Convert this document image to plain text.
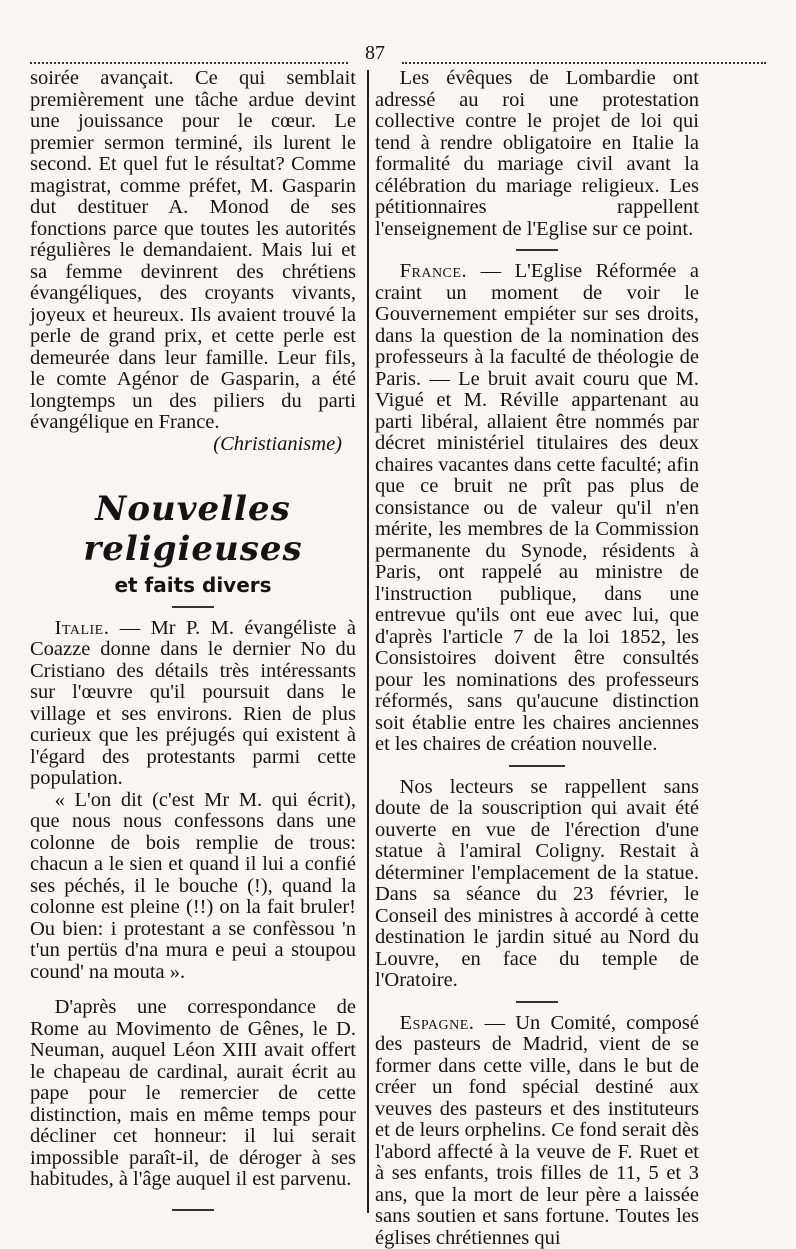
87

soirée avançait. Ce qui semblait premièrement une tâche ardue devint une jouissance pour le cœur. Le premier sermon terminé, ils lurent le second. Et quel fut le résultat? Comme magistrat, comme préfet, M. Gasparin dut destituer A. Monod de ses fonctions parce que toutes les autorités régulières le demandaient. Mais lui et sa femme devinrent des chrétiens évangéliques, des croyants vivants, joyeux et heureux. Ils avaient trouvé la perle de grand prix, et cette perle est demeurée dans leur famille. Leur fils, le comte Agénor de Gasparin, a été longtemps un des piliers du parti évangélique en France.

(Christianisme)

Nouvelles religieuses
et faits divers

Italie. — Mr P. M. évangéliste à Coazze donne dans le dernier No du Cristiano des détails très intéressants sur l'œuvre qu'il poursuit dans le village et ses environs. Rien de plus curieux que les préjugés qui existent à l'égard des protestants parmi cette population.

« L'on dit (c'est Mr M. qui écrit), que nous nous confessons dans une colonne de bois remplie de trous: chacun a le sien et quand il lui a confié ses péchés, il le bouche (!), quand la colonne est pleine (!!) on la fait bruler! Ou bien: i protestant a se confèssou 'n t'un pertüs d'na mura e peui a stoupou cound' na mouta ».

D'après une correspondance de Rome au Movimento de Gênes, le D. Neuman, auquel Léon XIII avait offert le chapeau de cardinal, aurait écrit au pape pour le remercier de cette distinction, mais en même temps pour décliner cet honneur: il lui serait impossible paraît-il, de déroger à ses habitudes, à l'âge auquel il est parvenu.

Les évêques de Lombardie ont adressé au roi une protestation collective contre le projet de loi qui tend à rendre obligatoire en Italie la formalité du mariage civil avant la célébration du mariage religieux. Les pétitionnaires rappellent l'enseignement de l'Eglise sur ce point.

France. — L'Eglise Réformée a craint un moment de voir le Gouvernement empiéter sur ses droits, dans la question de la nomination des professeurs à la faculté de théologie de Paris. — Le bruit avait couru que M. Vigué et M. Réville appartenant au parti libéral, allaient être nommés par décret ministériel titulaires des deux chaires vacantes dans cette faculté; afin que ce bruit ne prît pas plus de consistance ou de valeur qu'il n'en mérite, les membres de la Commission permanente du Synode, résidents à Paris, ont rappelé au ministre de l'instruction publique, dans une entrevue qu'ils ont eue avec lui, que d'après l'article 7 de la loi 1852, les Consistoires doivent être consultés pour les nominations des professeurs réformés, sans qu'aucune distinction soit établie entre les chaires anciennes et les chaires de création nouvelle.

Nos lecteurs se rappellent sans doute de la souscription qui avait été ouverte en vue de l'érection d'une statue à l'amiral Coligny. Restait à déterminer l'emplacement de la statue. Dans sa séance du 23 février, le Conseil des ministres à accordé à cette destination le jardin situé au Nord du Louvre, en face du temple de l'Oratoire.

Espagne. — Un Comité, composé des pasteurs de Madrid, vient de se former dans cette ville, dans le but de créer un fond spécial destiné aux veuves des pasteurs et des instituteurs et de leurs orphelins. Ce fond serait dès l'abord affecté à la veuve de F. Ruet et à ses enfants, trois filles de 11, 5 et 3 ans, que la mort de leur père a laissée sans soutien et sans fortune. Toutes les églises chrétiennes qui
